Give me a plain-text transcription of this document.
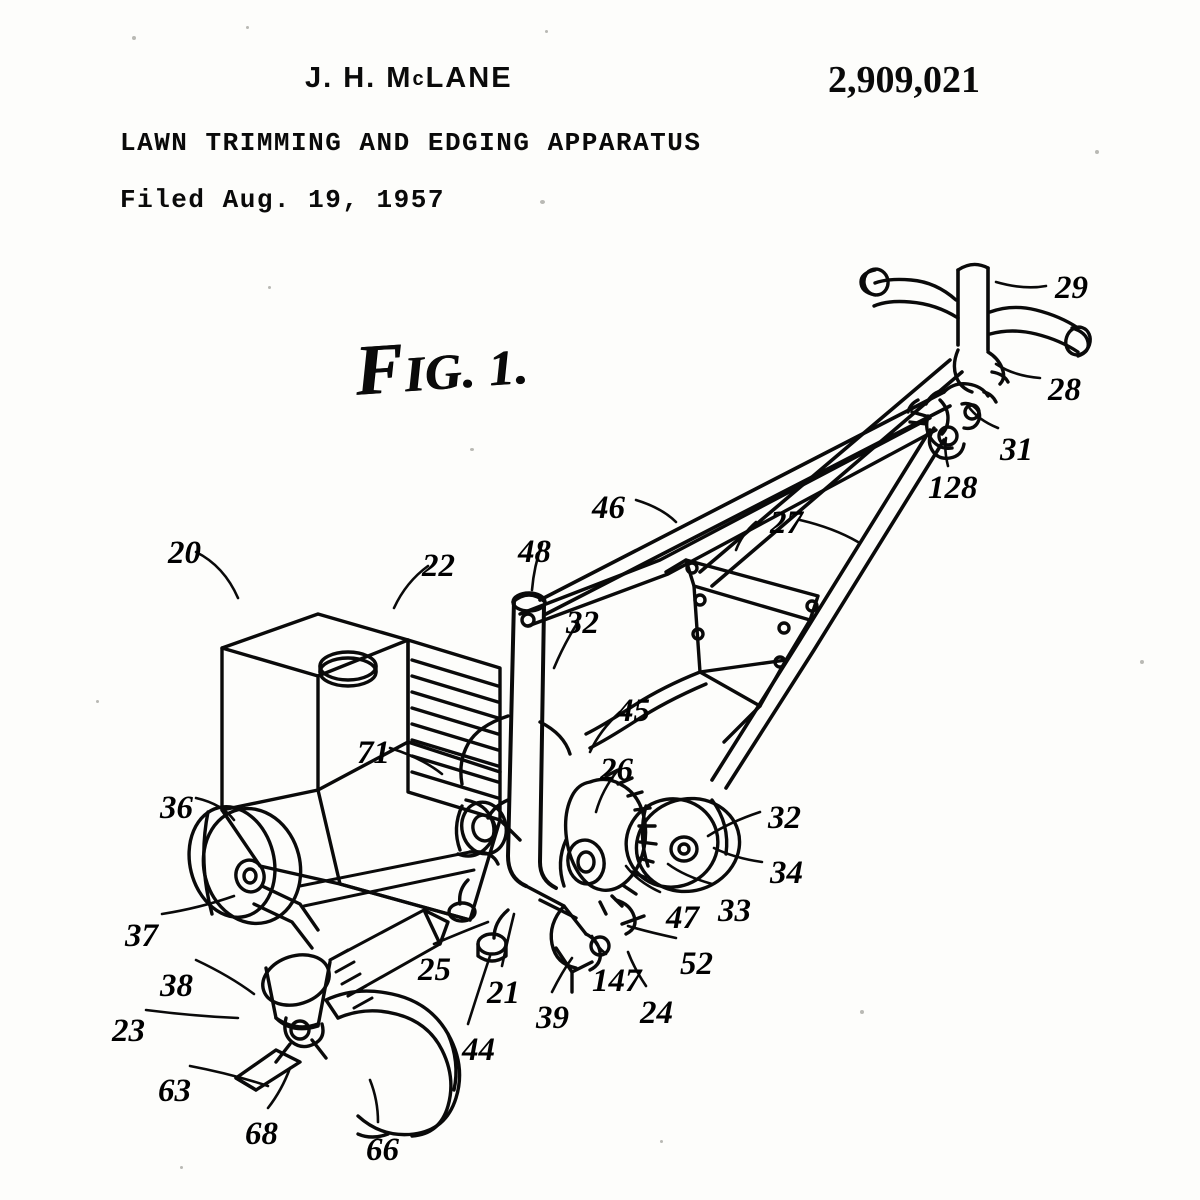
J. H. McLANE	2,909,021
LAWN TRIMMING AND EDGING APPARATUS
Filed Aug. 19, 1957
FIG. 1.
29
28
31
128
27
46
48
22
20
32
45
26
71
36	32
34
33
47
37
38	25
21 147 52
24
39
23
44
63
68	66
